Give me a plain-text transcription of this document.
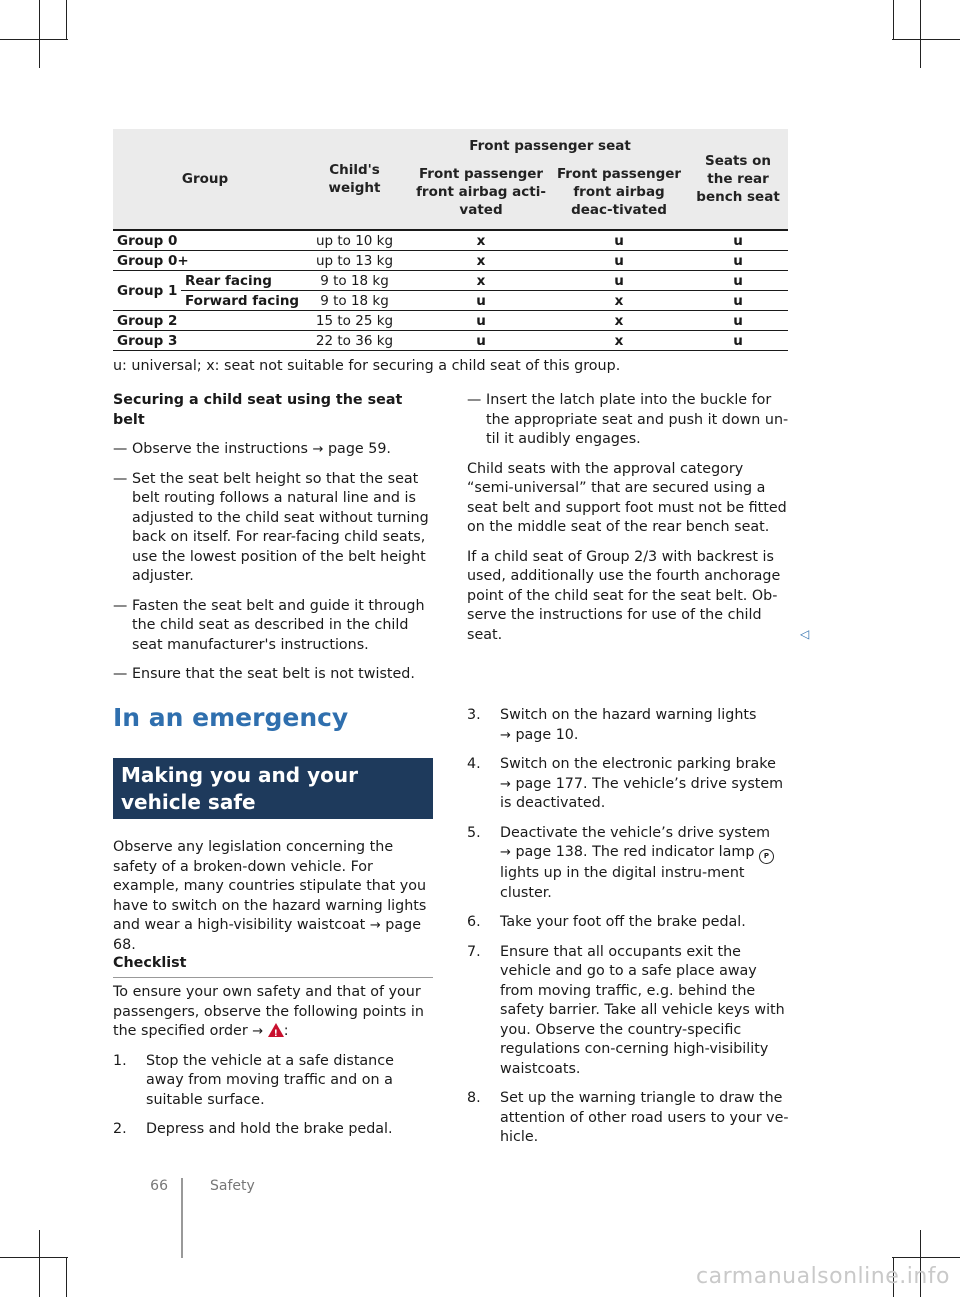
Group		Child's weight	Front passenger seat		Seats on the rear bench seat
			Front passenger front airbag acti-vated	Front passenger front airbag deac-tivated	
Group 0		up to 10 kg	x	u	u
Group 0+		up to 13 kg	x	u	u
Group 1	Rear facing	9 to 18 kg	x	u	u
	Forward facing	9 to 18 kg	u	x	u
Group 2		15 to 25 kg	u	x	u
Group 3		22 to 36 kg	u	x	u
u: universal; x: seat not suitable for securing a child seat of this group.
Securing a child seat using the seat belt
— Observe the instructions → page 59.
— Set the seat belt height so that the seat belt routing follows a natural line and is adjusted to the child seat without turning back on itself. For rear-facing child seats, use the lowest position of the belt height adjuster.
— Fasten the seat belt and guide it through the child seat as described in the child seat manufacturer's instructions.
— Ensure that the seat belt is not twisted.
— Insert the latch plate into the buckle for the appropriate seat and push it down un-til it audibly engages.
Child seats with the approval category “semi-universal” that are secured using a seat belt and support foot must not be fitted on the middle seat of the rear bench seat.
If a child seat of Group 2/3 with backrest is used, additionally use the fourth anchorage point of the child seat for the seat belt. Ob-serve the instructions for use of the child seat.	◁
In an emergency
Making you and your vehicle safe
Observe any legislation concerning the safety of a broken-down vehicle. For example, many countries stipulate that you have to switch on the hazard warning lights and wear a high-visibility waistcoat → page 68.
Checklist
To ensure your own safety and that of your passengers, observe the following points in the specified order → ! :
1. Stop the vehicle at a safe distance away from moving traffic and on a suitable surface.
2. Depress and hold the brake pedal.
3. Switch on the hazard warning lights
→ page 10.
4. Switch on the electronic parking brake
→ page 177. The vehicle’s drive system is deactivated.
5. Deactivate the vehicle’s drive system
→ page 138. The red indicator lamp P lights up in the digital instru-ment cluster.
6. Take your foot off the brake pedal.
7. Ensure that all occupants exit the vehicle and go to a safe place away from moving traffic, e.g. behind the safety barrier. Take all vehicle keys with you. Observe the country-specific regulations con-cerning high-visibility waistcoats.
8. Set up the warning triangle to draw the attention of other road users to your ve-hicle.
66	Safety
carmanualsonline.info
